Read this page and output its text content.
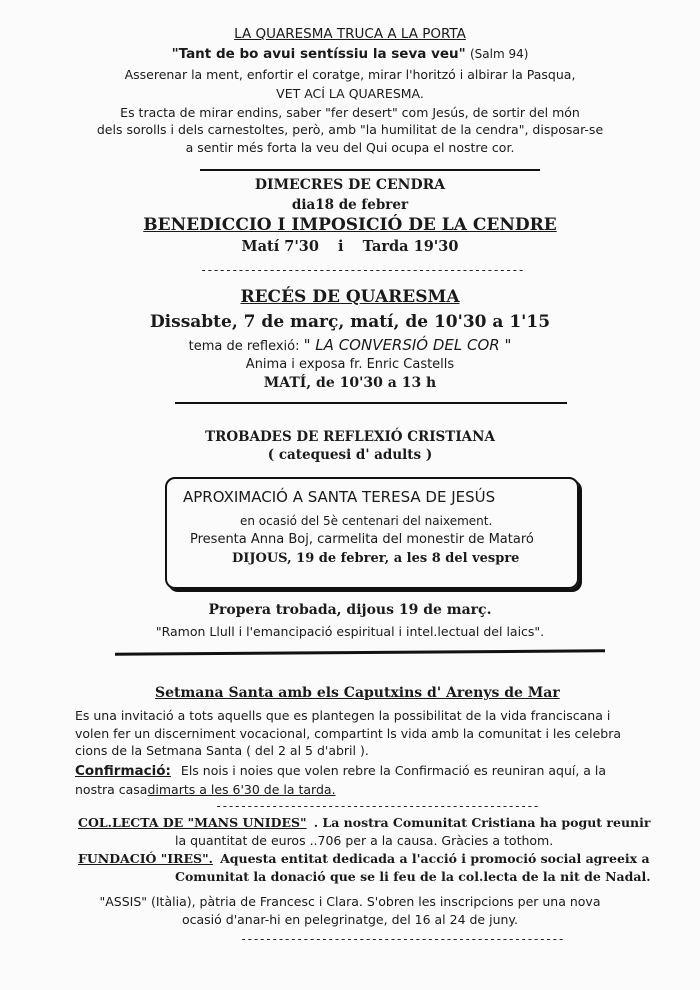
LA QUARESMA TRUCA A LA PORTA
"Tant de bo avui sentíssiu la seva veu" (Salm 94)
Asserenar la ment, enfortir el coratge, mirar l'horitzó i albirar la Pasqua,
VET ACÍ LA QUARESMA.
Es tracta de mirar endins, saber "fer desert" com Jesús, de sortir del món
dels sorolls i dels carnestoltes, però, amb "la humilitat de la cendra", disposar-se
a sentir més forta la veu del Qui ocupa el nostre cor.
DIMECRES DE CENDRA
dia18 de febrer
BENEDICCIO I IMPOSICIÓ DE LA CENDRE
Matí 7'30 i Tarda 19'30
----------------------------------------------------
RECÉS DE QUARESMA
Dissabte, 7 de març, matí, de 10'30 a 1'15
tema de reflexió: " LA CONVERSIÓ DEL COR "
Anima i exposa fr. Enric Castells
MATÍ, de 10'30 a 13 h
TROBADES DE REFLEXIÓ CRISTIANA
( catequesi d' adults )
APROXIMACIÓ A SANTA TERESA DE JESÚS
en ocasió del 5è centenari del naixement.
Presenta Anna Boj, carmelita del monestir de Mataró
DIJOUS, 19 de febrer, a les 8 del vespre
Propera trobada, dijous 19 de març.
"Ramon Llull i l'emancipació espiritual i intel.lectual del laics".
Setmana Santa amb els Caputxins d' Arenys de Mar
Es una invitació a tots aquells que es plantegen la possibilitat de la vida franciscana i
volen fer un discerniment vocacional, compartint ls vida amb la comunitat i les celebra
cions de la Setmana Santa ( del 2 al 5 d'abril ).
Confirmació: Els nois i noies que volen rebre la Confirmació es reuniran aquí, a la
nostra casadimarts a les 6'30 de la tarda.
----------------------------------------------------
COL.LECTA DE "MANS UNIDES" . La nostra Comunitat Cristiana ha pogut reunir
la quantitat de euros ..706 per a la causa. Gràcies a tothom.
FUNDACIÓ "IRES". Aquesta entitat dedicada a l'acció i promoció social agreeix a
Comunitat la donació que se li feu de la col.lecta de la nit de Nadal.
"ASSIS" (Itàlia), pàtria de Francesc i Clara. S'obren les inscripcions per una nova
ocasió d'anar-hi en pelegrinatge, del 16 al 24 de juny.
----------------------------------------------------
